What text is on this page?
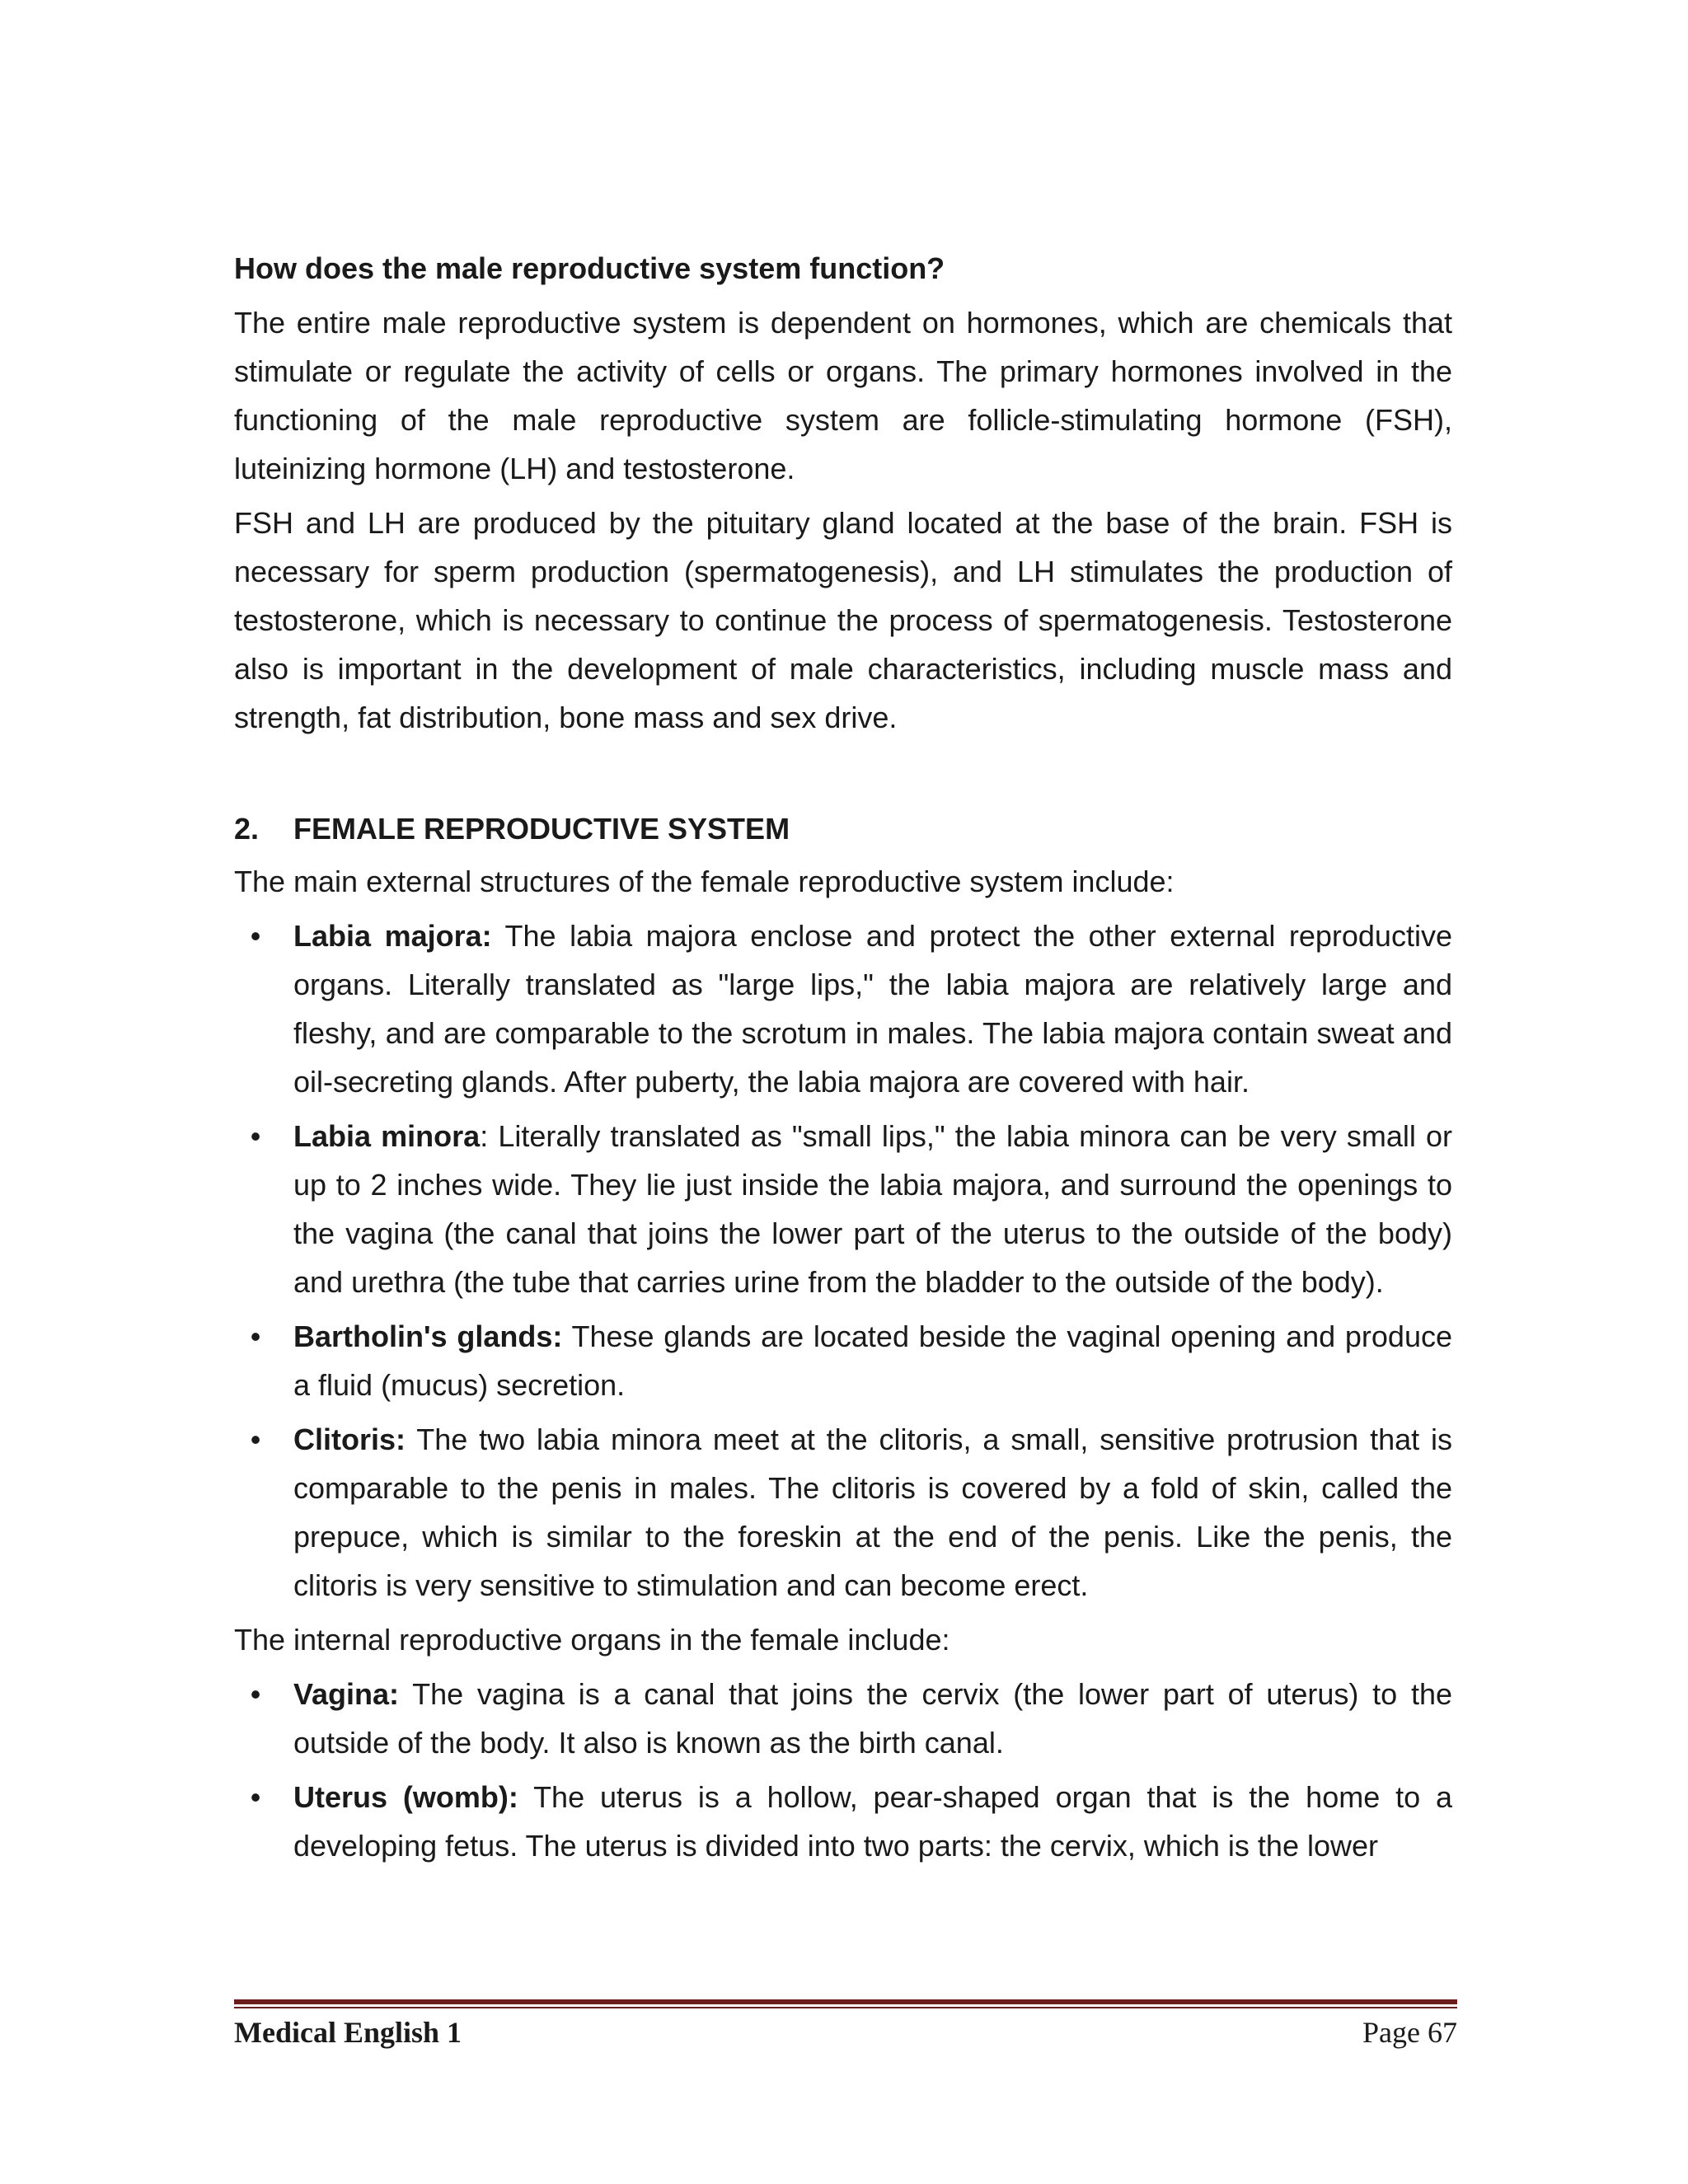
How does the male reproductive system function?

The entire male reproductive system is dependent on hormones, which are chemicals that stimulate or regulate the activity of cells or organs. The primary hormones involved in the functioning of the male reproductive system are follicle-stimulating hormone (FSH), luteinizing hormone (LH) and testosterone.

FSH and LH are produced by the pituitary gland located at the base of the brain. FSH is necessary for sperm production (spermatogenesis), and LH stimulates the production of testosterone, which is necessary to continue the process of spermatogenesis. Testosterone also is important in the development of male characteristics, including muscle mass and strength, fat distribution, bone mass and sex drive.

2.	FEMALE REPRODUCTIVE SYSTEM

The main external structures of the female reproductive system include:

• Labia majora: The labia majora enclose and protect the other external reproductive organs. Literally translated as "large lips," the labia majora are relatively large and fleshy, and are comparable to the scrotum in males. The labia majora contain sweat and oil-secreting glands. After puberty, the labia majora are covered with hair.
• Labia minora: Literally translated as "small lips," the labia minora can be very small or up to 2 inches wide. They lie just inside the labia majora, and surround the openings to the vagina (the canal that joins the lower part of the uterus to the outside of the body) and urethra (the tube that carries urine from the bladder to the outside of the body).
• Bartholin's glands: These glands are located beside the vaginal opening and produce a fluid (mucus) secretion.
• Clitoris: The two labia minora meet at the clitoris, a small, sensitive protrusion that is comparable to the penis in males. The clitoris is covered by a fold of skin, called the prepuce, which is similar to the foreskin at the end of the penis. Like the penis, the clitoris is very sensitive to stimulation and can become erect.

The internal reproductive organs in the female include:

• Vagina: The vagina is a canal that joins the cervix (the lower part of uterus) to the outside of the body. It also is known as the birth canal.
• Uterus (womb): The uterus is a hollow, pear-shaped organ that is the home to a developing fetus. The uterus is divided into two parts: the cervix, which is the lower
Medical English 1	Page 67
